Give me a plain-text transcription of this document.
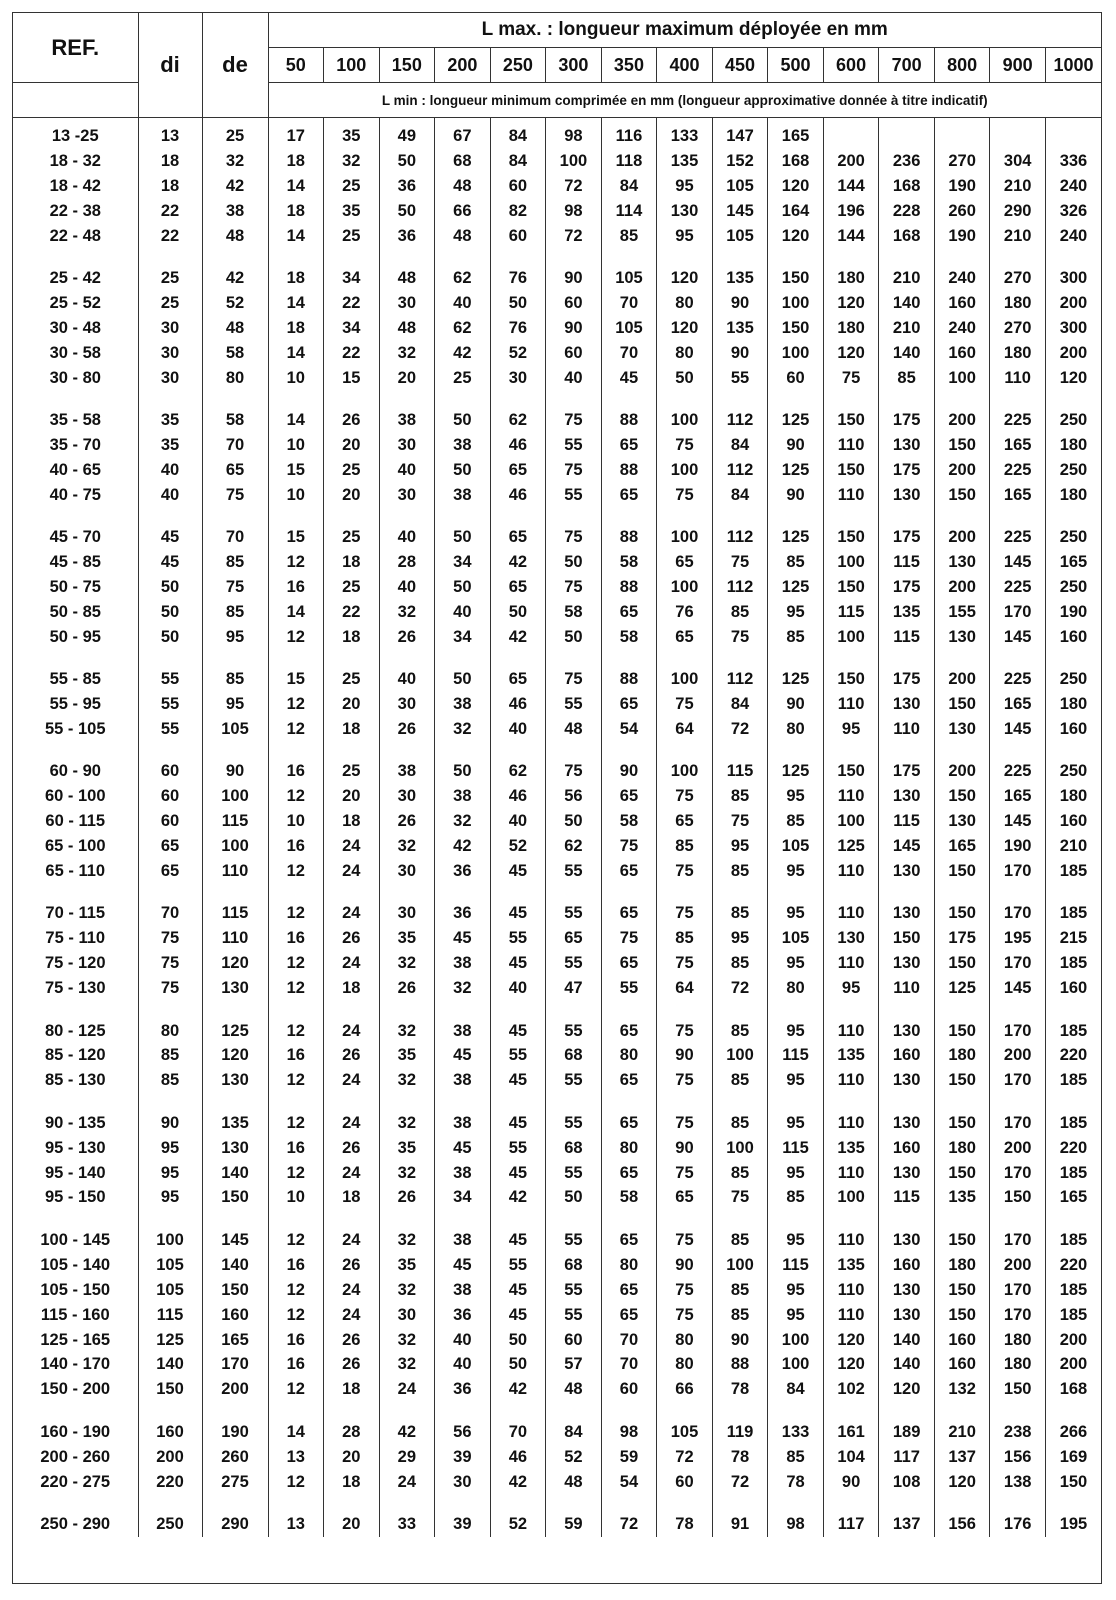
REF.	di	de	L max. : longueur maximum déployée en mm														
			50	100	150	200	250	300	350	400	450	500	600	700	800	900	1000
			L min : longueur minimum comprimée en mm (longueur approximative donnée à titre indicatif)														

13 -25	13	25	17	35	49	67	84	98	116	133	147	165					
18 - 32	18	32	18	32	50	68	84	100	118	135	152	168	200	236	270	304	336
18 - 42	18	42	14	25	36	48	60	72	84	95	105	120	144	168	190	210	240
22 - 38	22	38	18	35	50	66	82	98	114	130	145	164	196	228	260	290	326
22 - 48	22	48	14	25	36	48	60	72	85	95	105	120	144	168	190	210	240

25 - 42	25	42	18	34	48	62	76	90	105	120	135	150	180	210	240	270	300
25 - 52	25	52	14	22	30	40	50	60	70	80	90	100	120	140	160	180	200
30 - 48	30	48	18	34	48	62	76	90	105	120	135	150	180	210	240	270	300
30 - 58	30	58	14	22	32	42	52	60	70	80	90	100	120	140	160	180	200
30 - 80	30	80	10	15	20	25	30	40	45	50	55	60	75	85	100	110	120

35 - 58	35	58	14	26	38	50	62	75	88	100	112	125	150	175	200	225	250
35 - 70	35	70	10	20	30	38	46	55	65	75	84	90	110	130	150	165	180
40 - 65	40	65	15	25	40	50	65	75	88	100	112	125	150	175	200	225	250
40 - 75	40	75	10	20	30	38	46	55	65	75	84	90	110	130	150	165	180

45 - 70	45	70	15	25	40	50	65	75	88	100	112	125	150	175	200	225	250
45 - 85	45	85	12	18	28	34	42	50	58	65	75	85	100	115	130	145	165
50 - 75	50	75	16	25	40	50	65	75	88	100	112	125	150	175	200	225	250
50 - 85	50	85	14	22	32	40	50	58	65	76	85	95	115	135	155	170	190
50 - 95	50	95	12	18	26	34	42	50	58	65	75	85	100	115	130	145	160

55 - 85	55	85	15	25	40	50	65	75	88	100	112	125	150	175	200	225	250
55 - 95	55	95	12	20	30	38	46	55	65	75	84	90	110	130	150	165	180
55 - 105	55	105	12	18	26	32	40	48	54	64	72	80	95	110	130	145	160

60 - 90	60	90	16	25	38	50	62	75	90	100	115	125	150	175	200	225	250
60 - 100	60	100	12	20	30	38	46	56	65	75	85	95	110	130	150	165	180
60 - 115	60	115	10	18	26	32	40	50	58	65	75	85	100	115	130	145	160
65 - 100	65	100	16	24	32	42	52	62	75	85	95	105	125	145	165	190	210
65 - 110	65	110	12	24	30	36	45	55	65	75	85	95	110	130	150	170	185

70 - 115	70	115	12	24	30	36	45	55	65	75	85	95	110	130	150	170	185
75 - 110	75	110	16	26	35	45	55	65	75	85	95	105	130	150	175	195	215
75 - 120	75	120	12	24	32	38	45	55	65	75	85	95	110	130	150	170	185
75 - 130	75	130	12	18	26	32	40	47	55	64	72	80	95	110	125	145	160

80 - 125	80	125	12	24	32	38	45	55	65	75	85	95	110	130	150	170	185
85 - 120	85	120	16	26	35	45	55	68	80	90	100	115	135	160	180	200	220
85 - 130	85	130	12	24	32	38	45	55	65	75	85	95	110	130	150	170	185

90 - 135	90	135	12	24	32	38	45	55	65	75	85	95	110	130	150	170	185
95 - 130	95	130	16	26	35	45	55	68	80	90	100	115	135	160	180	200	220
95 - 140	95	140	12	24	32	38	45	55	65	75	85	95	110	130	150	170	185
95 - 150	95	150	10	18	26	34	42	50	58	65	75	85	100	115	135	150	165

100 - 145	100	145	12	24	32	38	45	55	65	75	85	95	110	130	150	170	185
105 - 140	105	140	16	26	35	45	55	68	80	90	100	115	135	160	180	200	220
105 - 150	105	150	12	24	32	38	45	55	65	75	85	95	110	130	150	170	185
115 - 160	115	160	12	24	30	36	45	55	65	75	85	95	110	130	150	170	185
125 - 165	125	165	16	26	32	40	50	60	70	80	90	100	120	140	160	180	200
140 - 170	140	170	16	26	32	40	50	57	70	80	88	100	120	140	160	180	200
150 - 200	150	200	12	18	24	36	42	48	60	66	78	84	102	120	132	150	168

160 - 190	160	190	14	28	42	56	70	84	98	105	119	133	161	189	210	238	266
200 - 260	200	260	13	20	29	39	46	52	59	72	78	85	104	117	137	156	169
220 - 275	220	275	12	18	24	30	42	48	54	60	72	78	90	108	120	138	150

250 - 290	250	290	13	20	33	39	52	59	72	78	91	98	117	137	156	176	195
